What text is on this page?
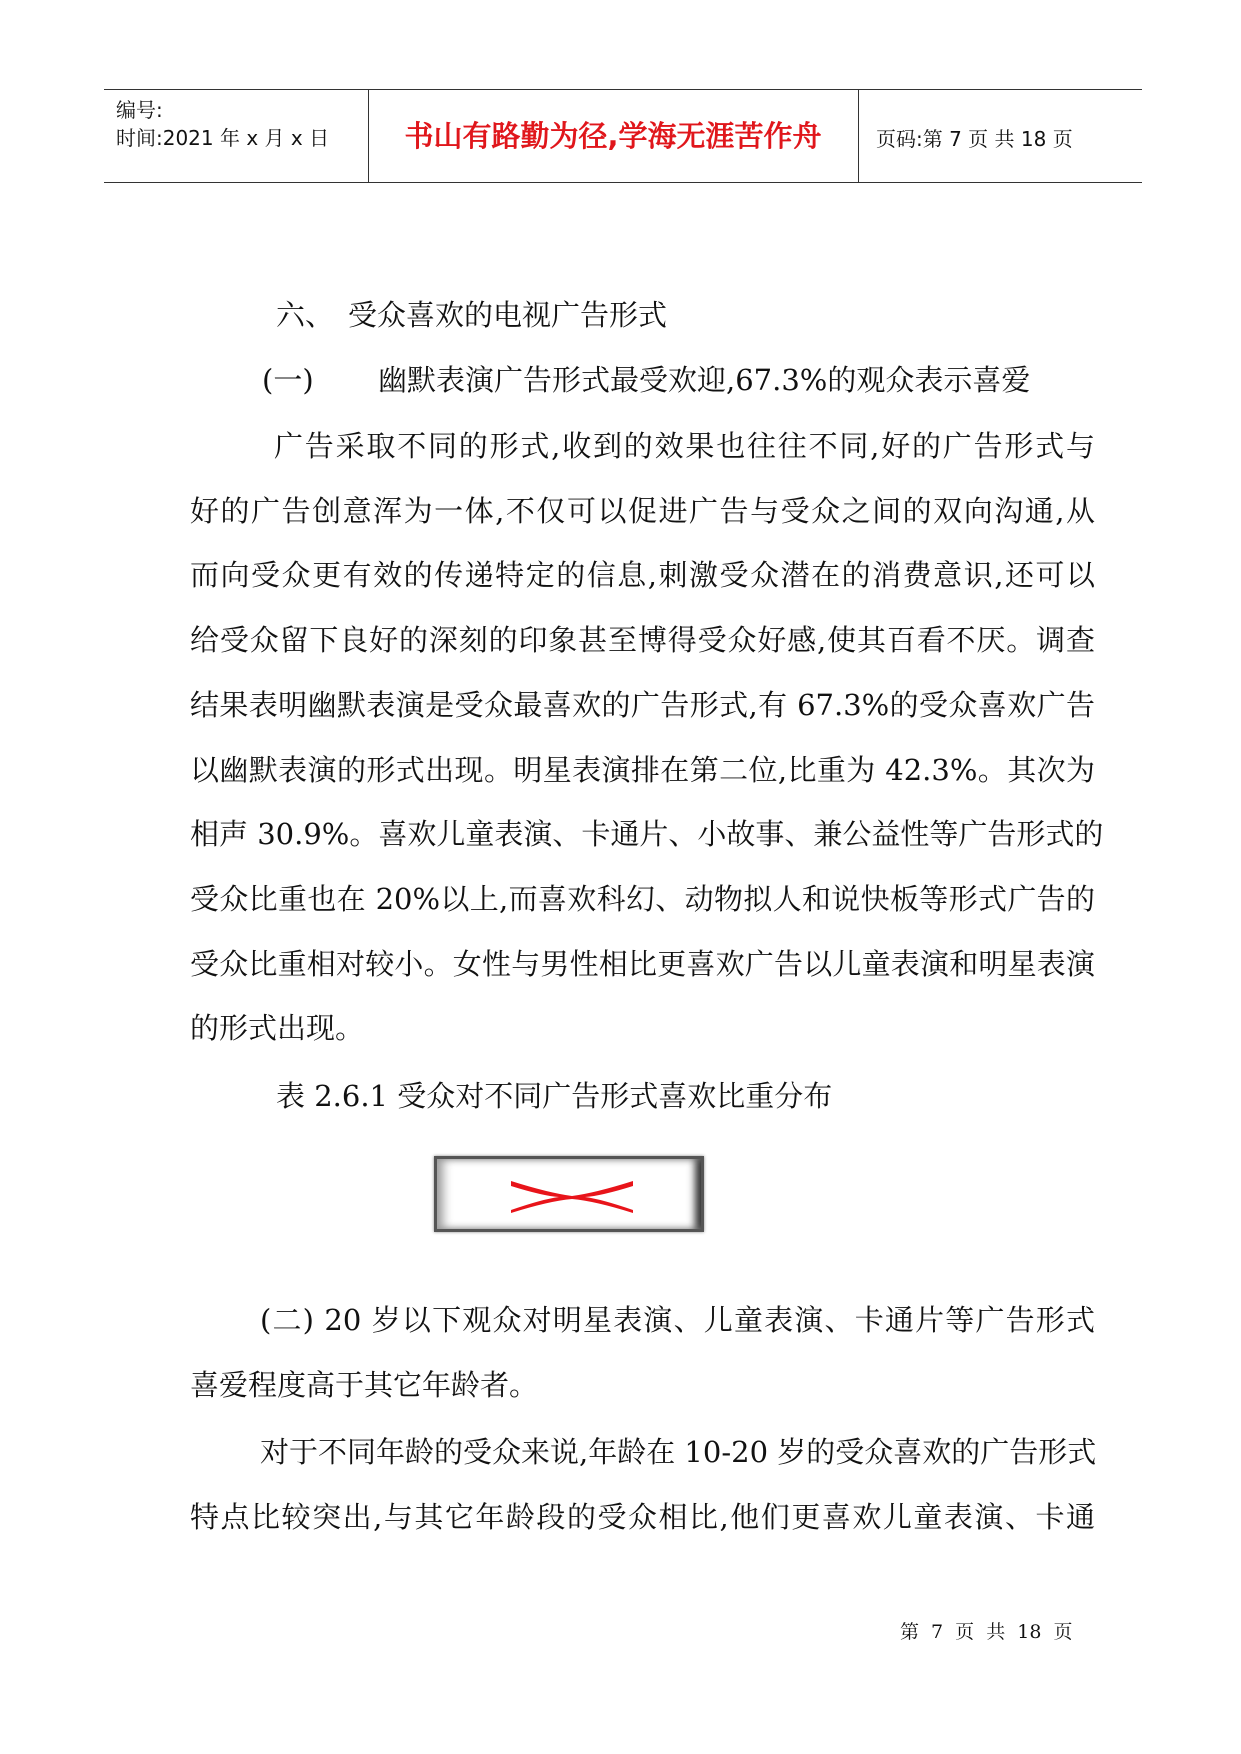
编号:
时间:2021 年 x 月 x 日	书山有路勤为径,学海无涯苦作舟	页码:第 7 页 共 18 页
六、 受众喜欢的电视广告形式
(一) 幽默表演广告形式最受欢迎,67.3%的观众表示喜爱
广告采取不同的形式,收到的效果也往往不同,好的广告形式与
好的广告创意浑为一体,不仅可以促进广告与受众之间的双向沟通,从
而向受众更有效的传递特定的信息,刺激受众潜在的消费意识,还可以
给受众留下良好的深刻的印象甚至博得受众好感,使其百看不厌。调查
结果表明幽默表演是受众最喜欢的广告形式,有 67.3%的受众喜欢广告
以幽默表演的形式出现。明星表演排在第二位,比重为 42.3%。其次为
相声 30.9%。喜欢儿童表演、卡通片、小故事、兼公益性等广告形式的
受众比重也在 20%以上,而喜欢科幻、动物拟人和说快板等形式广告的
受众比重相对较小。女性与男性相比更喜欢广告以儿童表演和明星表演
的形式出现。
表 2.6.1 受众对不同广告形式喜欢比重分布
(二) 20 岁以下观众对明星表演、儿童表演、卡通片等广告形式
喜爱程度高于其它年龄者。
对于不同年龄的受众来说,年龄在 10-20 岁的受众喜欢的广告形式
特点比较突出,与其它年龄段的受众相比,他们更喜欢儿童表演、卡通
第 7 页 共 18 页
